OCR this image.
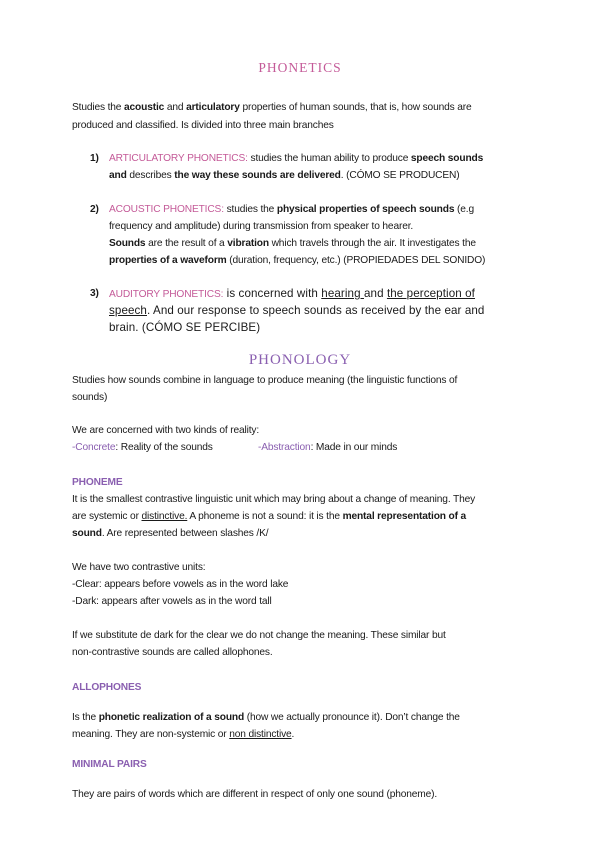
PHONETICS
Studies the acoustic and articulatory properties of human sounds, that is, how sounds are
produced and classified. Is divided into three main branches
1) ARTICULATORY PHONETICS: studies the human ability to produce speech sounds
and describes the way these sounds are delivered. (CÓMO SE PRODUCEN)
2) ACOUSTIC PHONETICS: studies the physical properties of speech sounds (e.g
frequency and amplitude) during transmission from speaker to hearer.
Sounds are the result of a vibration which travels through the air. It investigates the
properties of a waveform (duration, frequency, etc.) (PROPIEDADES DEL SONIDO)
3) AUDITORY PHONETICS: is concerned with hearing and the perception of
speech. And our response to speech sounds as received by the ear and
brain. (CÓMO SE PERCIBE)
PHONOLOGY
Studies how sounds combine in language to produce meaning (the linguistic functions of
sounds)
We are concerned with two kinds of reality:
-Concrete: Reality of the sounds	-Abstraction: Made in our minds
PHONEME
It is the smallest contrastive linguistic unit which may bring about a change of meaning. They
are systemic or distinctive. A phoneme is not a sound: it is the mental representation of a
sound. Are represented between slashes /K/
We have two contrastive units:
-Clear: appears before vowels as in the word lake
-Dark: appears after vowels as in the word tall
If we substitute de dark for the clear we do not change the meaning. These similar but
non-contrastive sounds are called allophones.
ALLOPHONES
Is the phonetic realization of a sound (how we actually pronounce it). Don’t change the
meaning. They are non-systemic or non distinctive.
MINIMAL PAIRS
They are pairs of words which are different in respect of only one sound (phoneme).
